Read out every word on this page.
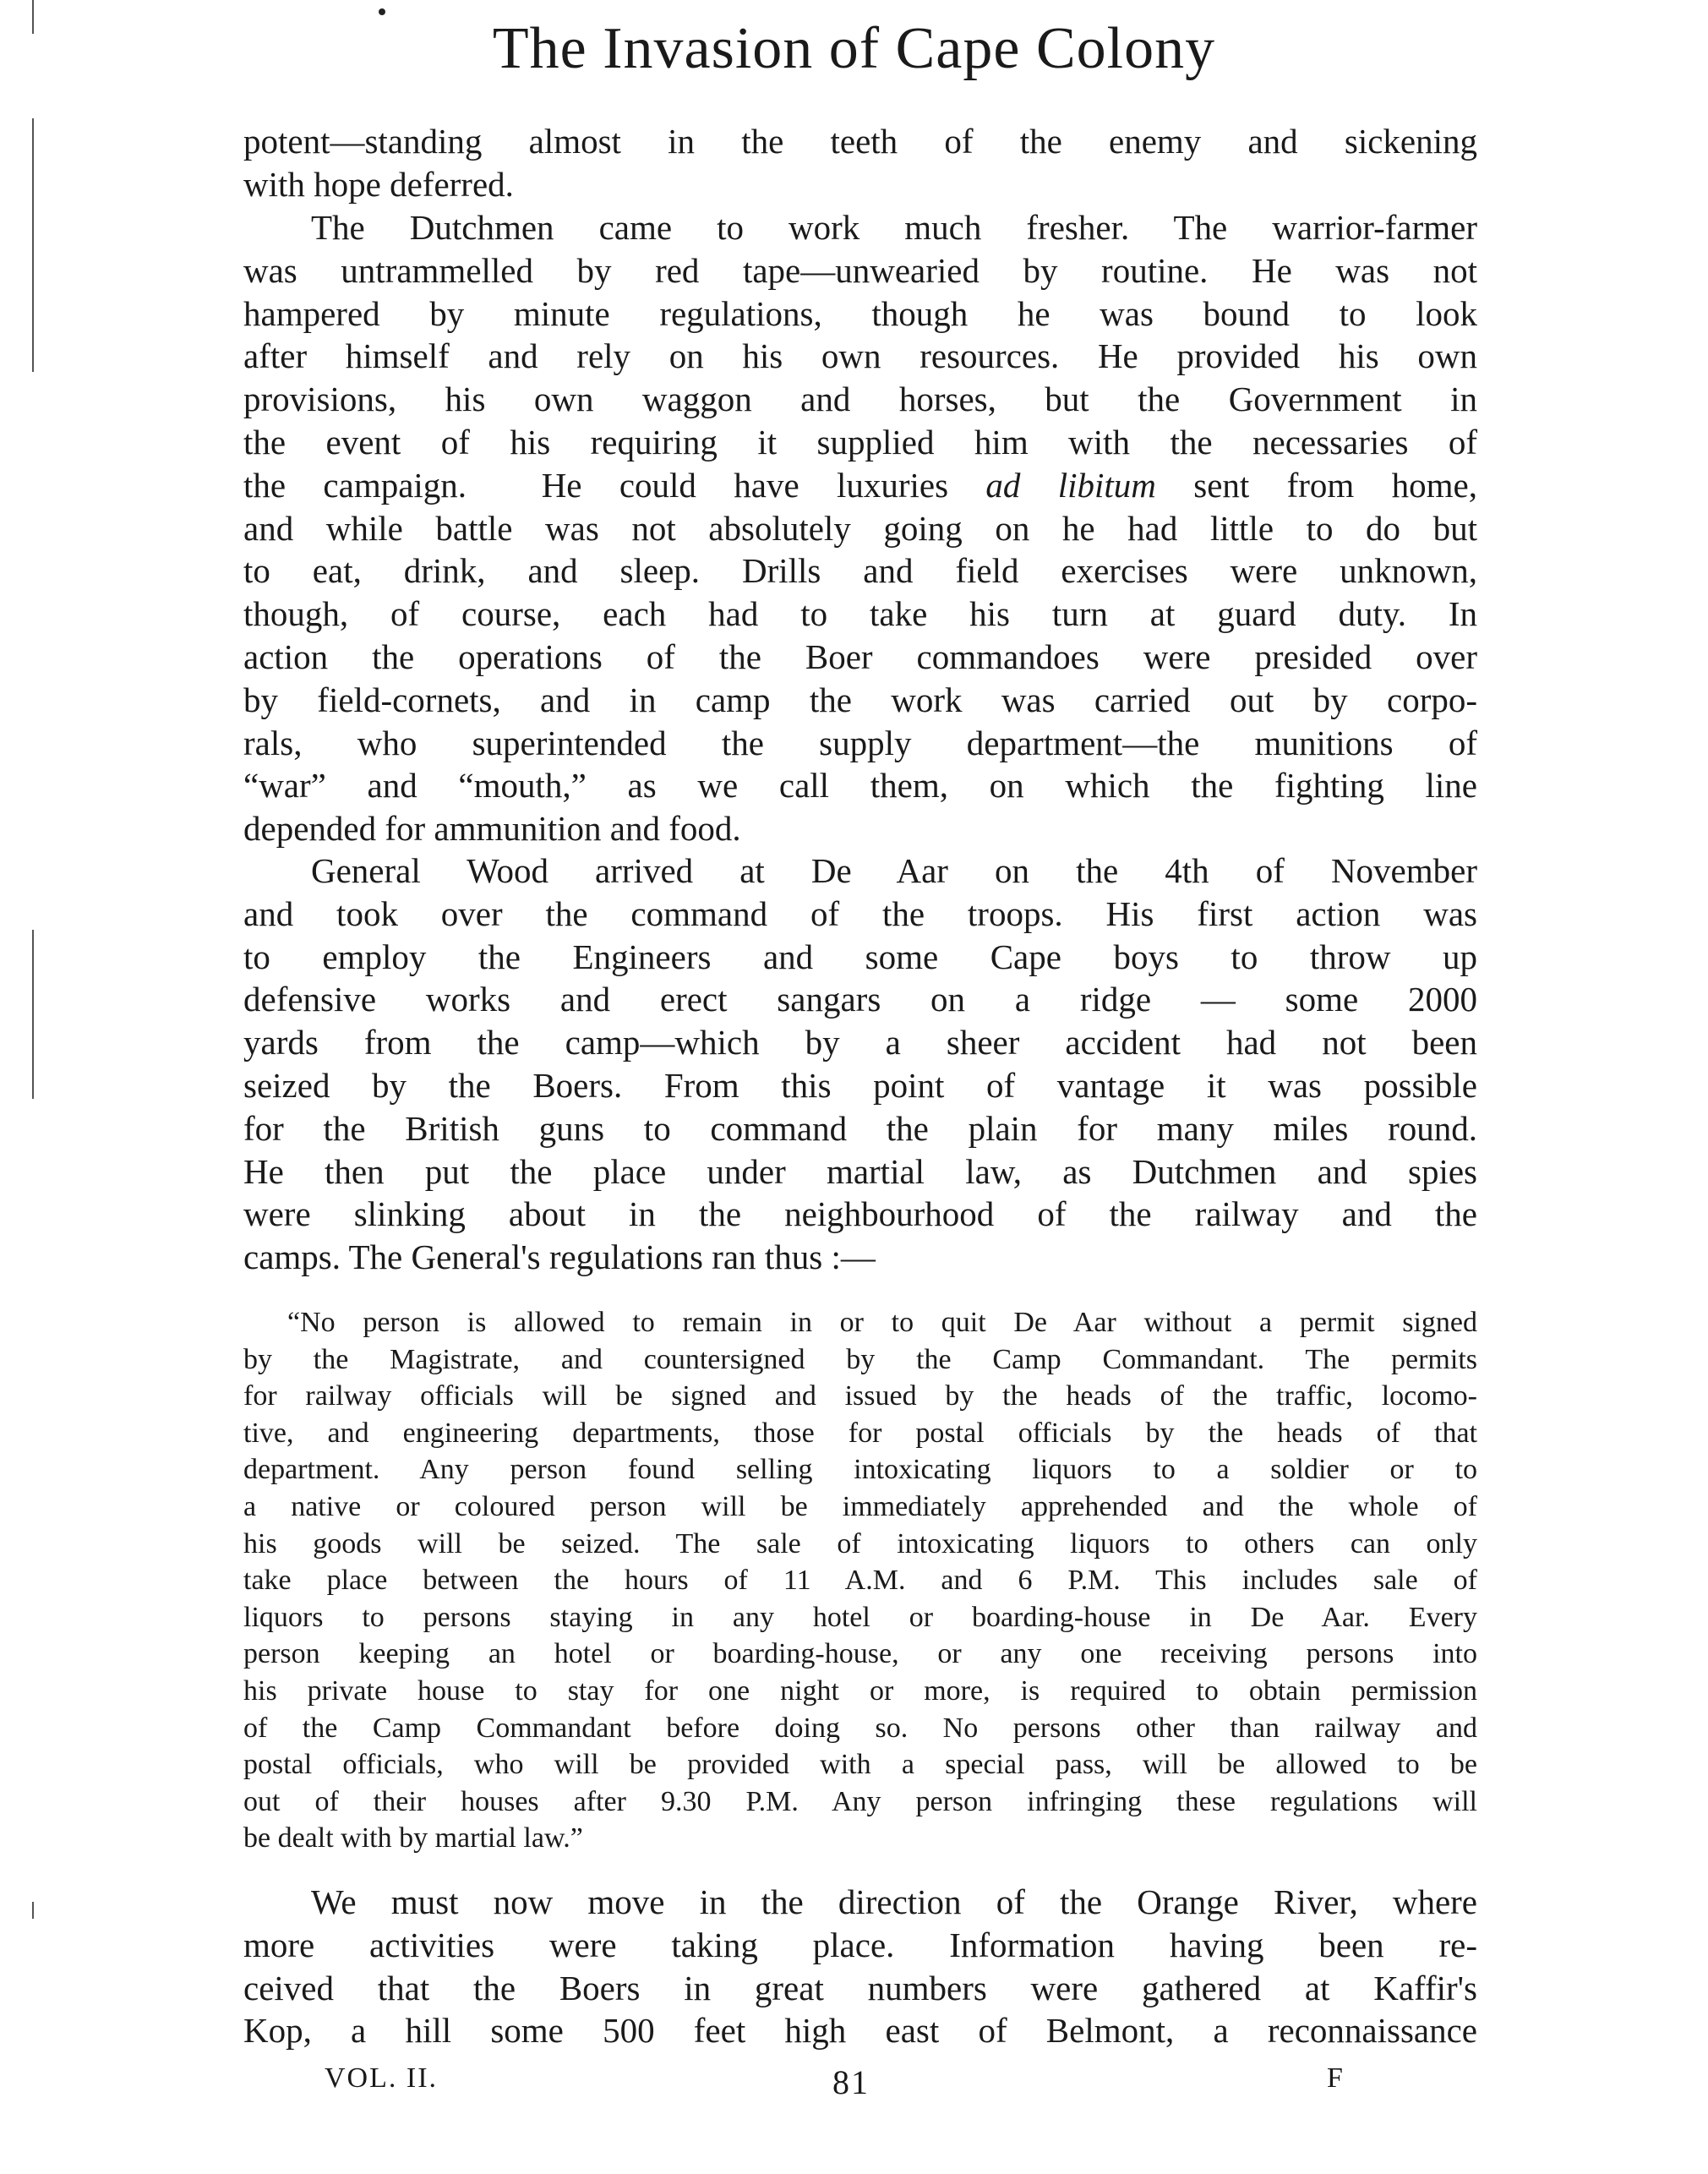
The Invasion of Cape Colony
potent—standing almost in the teeth of the enemy and sickening
with hope deferred.
The Dutchmen came to work much fresher. The warrior-farmer
was untrammelled by red tape—unwearied by routine. He was not
hampered by minute regulations, though he was bound to look
after himself and rely on his own resources. He provided his own
provisions, his own waggon and horses, but the Government in
the event of his requiring it supplied him with the necessaries of
the campaign.  He could have luxuries ad libitum sent from home,
and while battle was not absolutely going on he had little to do but
to eat, drink, and sleep. Drills and field exercises were unknown,
though, of course, each had to take his turn at guard duty. In
action the operations of the Boer commandoes were presided over
by field-cornets, and in camp the work was carried out by corpo-
rals, who superintended the supply department—the munitions of
“war” and “mouth,” as we call them, on which the fighting line
depended for ammunition and food.
General Wood arrived at De Aar on the 4th of November
and took over the command of the troops. His first action was
to employ the Engineers and some Cape boys to throw up
defensive works and erect sangars on a ridge — some 2000
yards from the camp—which by a sheer accident had not been
seized by the Boers. From this point of vantage it was possible
for the British guns to command the plain for many miles round.
He then put the place under martial law, as Dutchmen and spies
were slinking about in the neighbourhood of the railway and the
camps. The General's regulations ran thus :—
“No person is allowed to remain in or to quit De Aar without a permit signed
by the Magistrate, and countersigned by the Camp Commandant. The permits
for railway officials will be signed and issued by the heads of the traffic, locomo-
tive, and engineering departments, those for postal officials by the heads of that
department. Any person found selling intoxicating liquors to a soldier or to
a native or coloured person will be immediately apprehended and the whole of
his goods will be seized. The sale of intoxicating liquors to others can only
take place between the hours of 11 A.M. and 6 P.M. This includes sale of
liquors to persons staying in any hotel or boarding-house in De Aar. Every
person keeping an hotel or boarding-house, or any one receiving persons into
his private house to stay for one night or more, is required to obtain permission
of the Camp Commandant before doing so. No persons other than railway and
postal officials, who will be provided with a special pass, will be allowed to be
out of their houses after 9.30 P.M. Any person infringing these regulations will
be dealt with by martial law.”
We must now move in the direction of the Orange River, where
more activities were taking place. Information having been re-
ceived that the Boers in great numbers were gathered at Kaffir's
Kop, a hill some 500 feet high east of Belmont, a reconnaissance
VOL. II.	81	F
